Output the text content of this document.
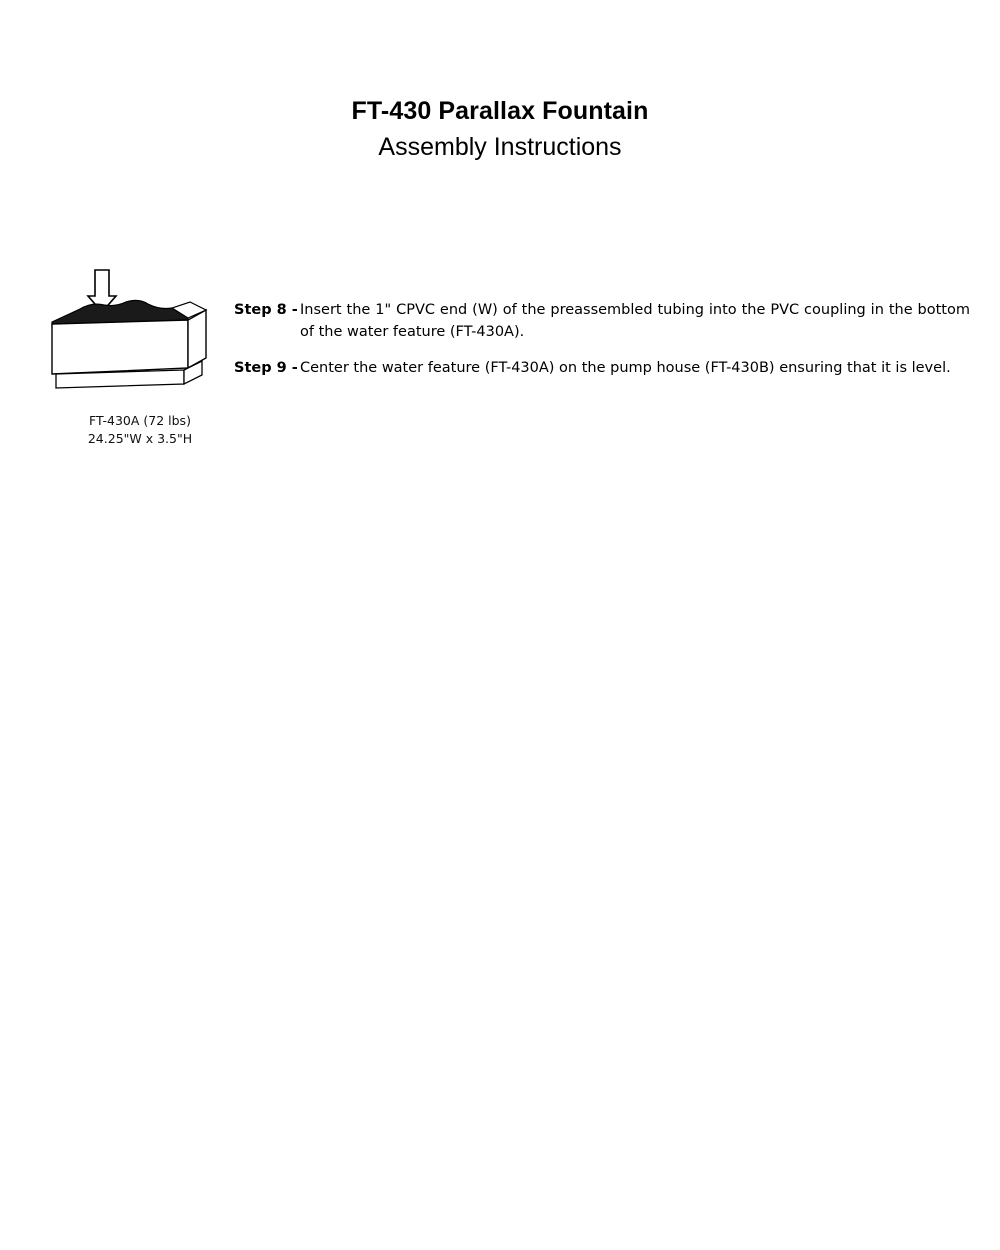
FT-430 Parallax Fountain
Assembly Instructions
FT-430A (72 lbs)
24.25"W x 3.5"H
Step 8 - Insert the 1" CPVC end (W) of the preassembled tubing into the PVC coupling in the bottom of the water feature (FT-430A).
Step 9 - Center the water feature (FT-430A) on the pump house (FT-430B) ensuring that it is level.
